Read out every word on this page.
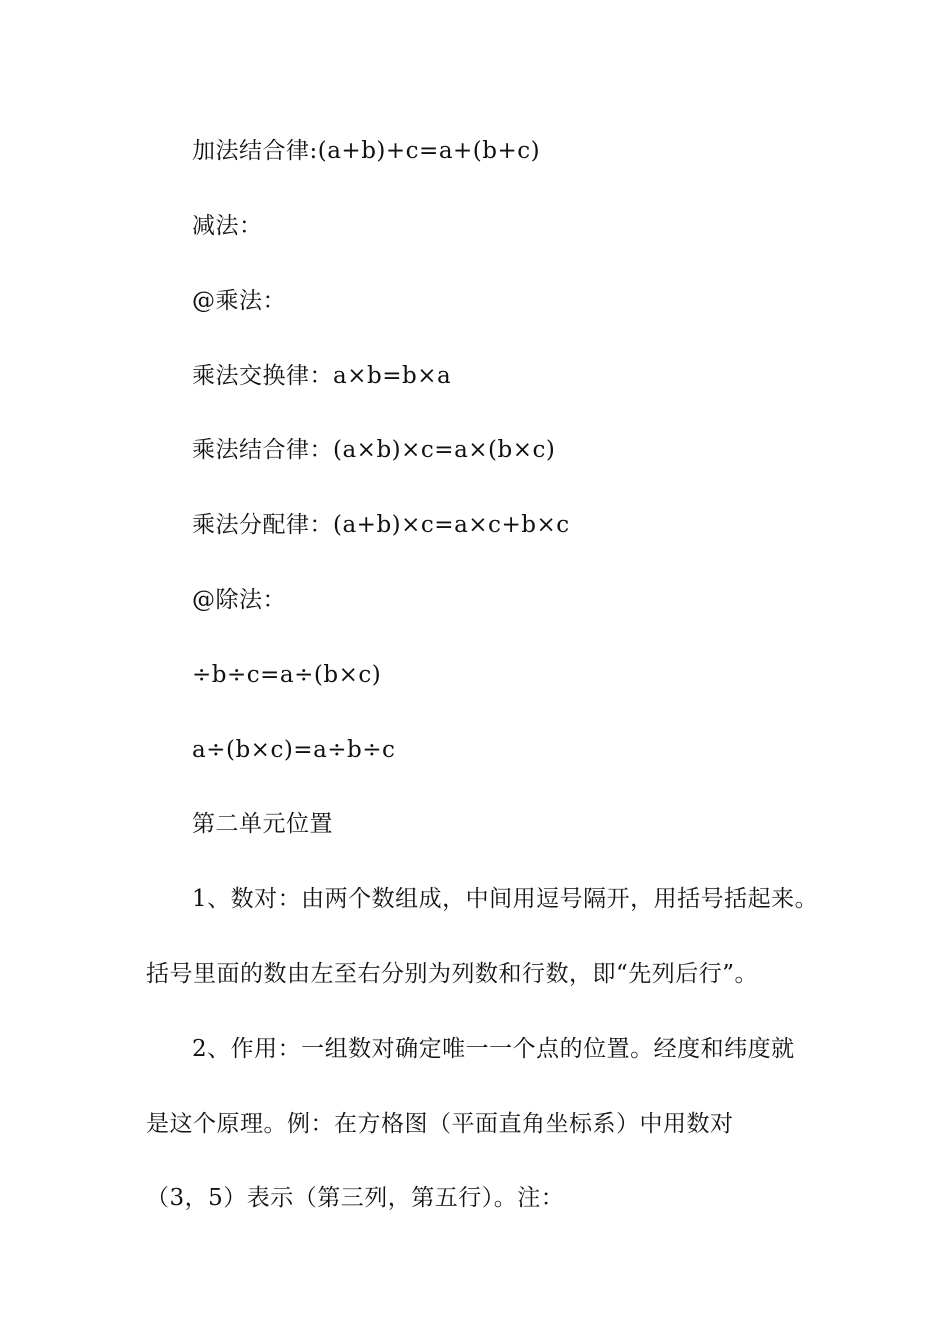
加法结合律:(a+b)+c=a+(b+c)
减法：
@乘法：
乘法交换律：a×b=b×a
乘法结合律：(a×b)×c=a×(b×c)
乘法分配律：(a+b)×c=a×c+b×c
@除法：
÷b÷c=a÷(b×c)
a÷(b×c)=a÷b÷c
第二单元位置
1、数对：由两个数组成，中间用逗号隔开，用括号括起来。
括号里面的数由左至右分别为列数和行数，即“先列后行”。
2、作用：一组数对确定唯一一个点的位置。经度和纬度就
是这个原理。例：在方格图（平面直角坐标系）中用数对
（3，5）表示（第三列，第五行）。注：
